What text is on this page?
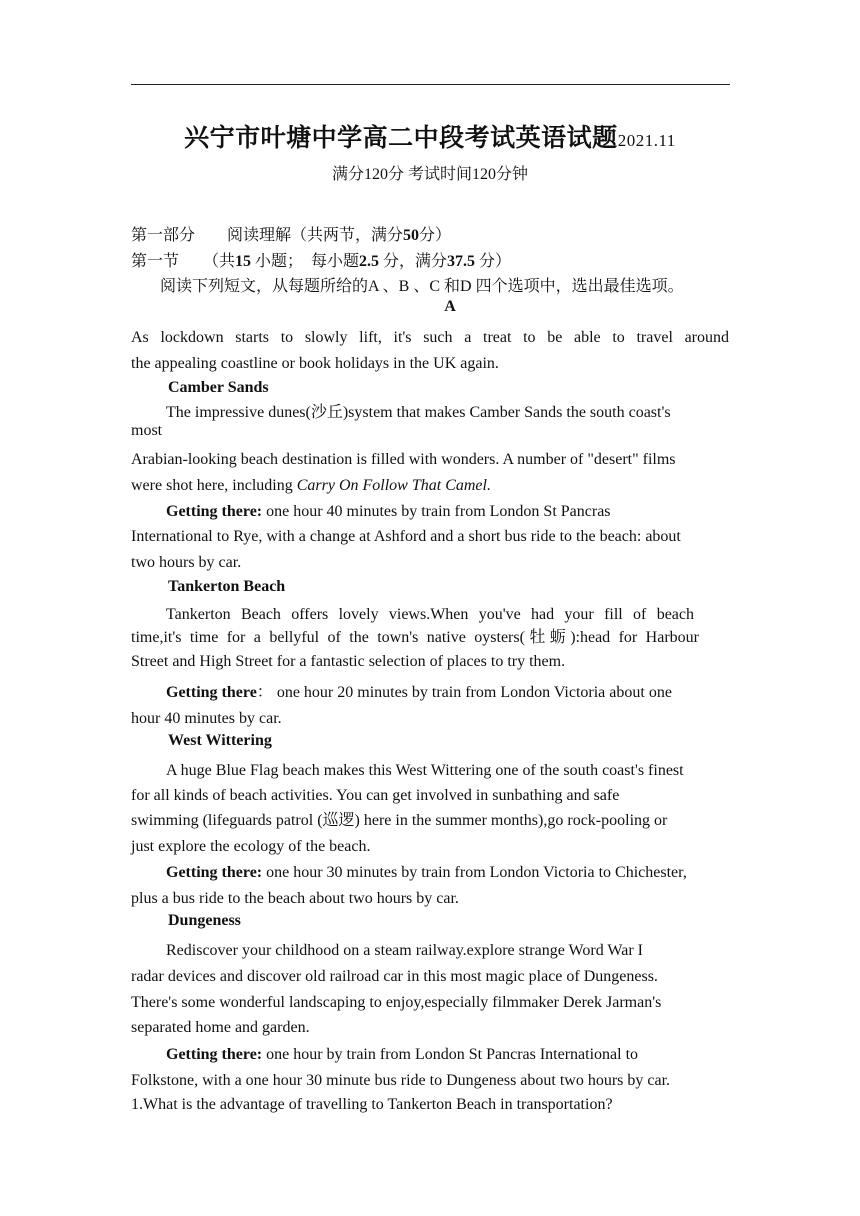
兴宁市叶塘中学高二中段考试英语试题2021.11
满分120分 考试时间120分钟
第一部分　　阅读理解（共两节，满分50分）
第一节　　（共15 小题；　每小题2.5 分，满分37.5 分）
阅读下列短文，从每题所给的A 、B 、C 和D 四个选项中，选出最佳选项。
A
As lockdown starts to slowly lift, it's such a treat to be able to travel around
the appealing coastline or book holidays in the UK again.
Camber Sands
The impressive dunes(沙丘)system that makes Camber Sands the south coast's
most
Arabian-looking beach destination is filled with wonders. A number of "desert" films
were shot here, including Carry On Follow That Camel.
Getting there: one hour 40 minutes by train from London St Pancras
International to Rye, with a change at Ashford and a short bus ride to the beach: about
two hours by car.
Tankerton Beach
Tankerton Beach offers lovely views.When you've had your fill of beach
time,it's time for a bellyful of the town's native oysters(牡蛎):head for Harbour
Street and High Street for a fantastic selection of places to try them.
Getting there： one hour 20 minutes by train from London Victoria about one
hour 40 minutes by car.
West Wittering
A huge Blue Flag beach makes this West Wittering one of the south coast's finest
for all kinds of beach activities. You can get involved in sunbathing and safe
swimming (lifeguards patrol (巡逻) here in the summer months),go rock-pooling or
just explore the ecology of the beach.
Getting there: one hour 30 minutes by train from London Victoria to Chichester,
plus a bus ride to the beach about two hours by car.
Dungeness
Rediscover your childhood on a steam railway.explore strange Word War I
radar devices and discover old railroad car in this most magic place of Dungeness.
There's some wonderful landscaping to enjoy,especially filmmaker Derek Jarman's
separated home and garden.
Getting there: one hour by train from London St Pancras International to
Folkstone, with a one hour 30 minute bus ride to Dungeness about two hours by car.
1.What is the advantage of travelling to Tankerton Beach in transportation?
